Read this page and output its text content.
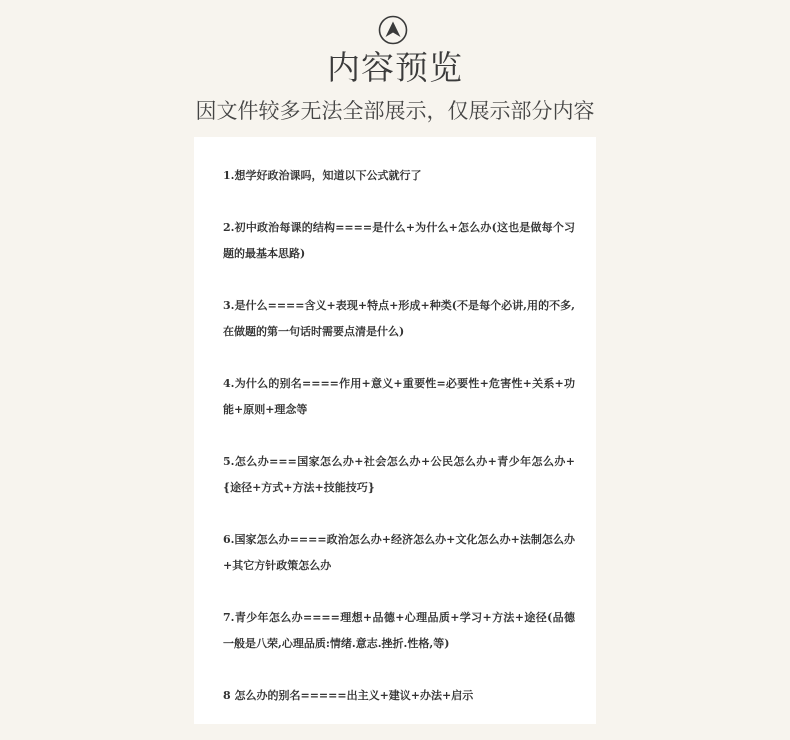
内容预览
因文件较多无法全部展示，仅展示部分内容

1.想学好政治课吗，知道以下公式就行了

2.初中政治每课的结构====是什么+为什么+怎么办(这也是做每个习题的最基本思路)

3.是什么====含义+表现+特点+形成+种类(不是每个必讲,用的不多,在做题的第一句话时需要点清是什么)

4.为什么的别名====作用+意义+重要性=必要性+危害性+关系+功能+原则+理念等

5.怎么办===国家怎么办+社会怎么办+公民怎么办+青少年怎么办+{途径+方式+方法+技能技巧}

6.国家怎么办====政治怎么办+经济怎么办+文化怎么办+法制怎么办+其它方针政策怎么办

7.青少年怎么办====理想+品德+心理品质+学习+方法+途径(品德一般是八荣,心理品质:情绪.意志.挫折.性格,等)

8 怎么办的别名=====出主义+建议+办法+启示
